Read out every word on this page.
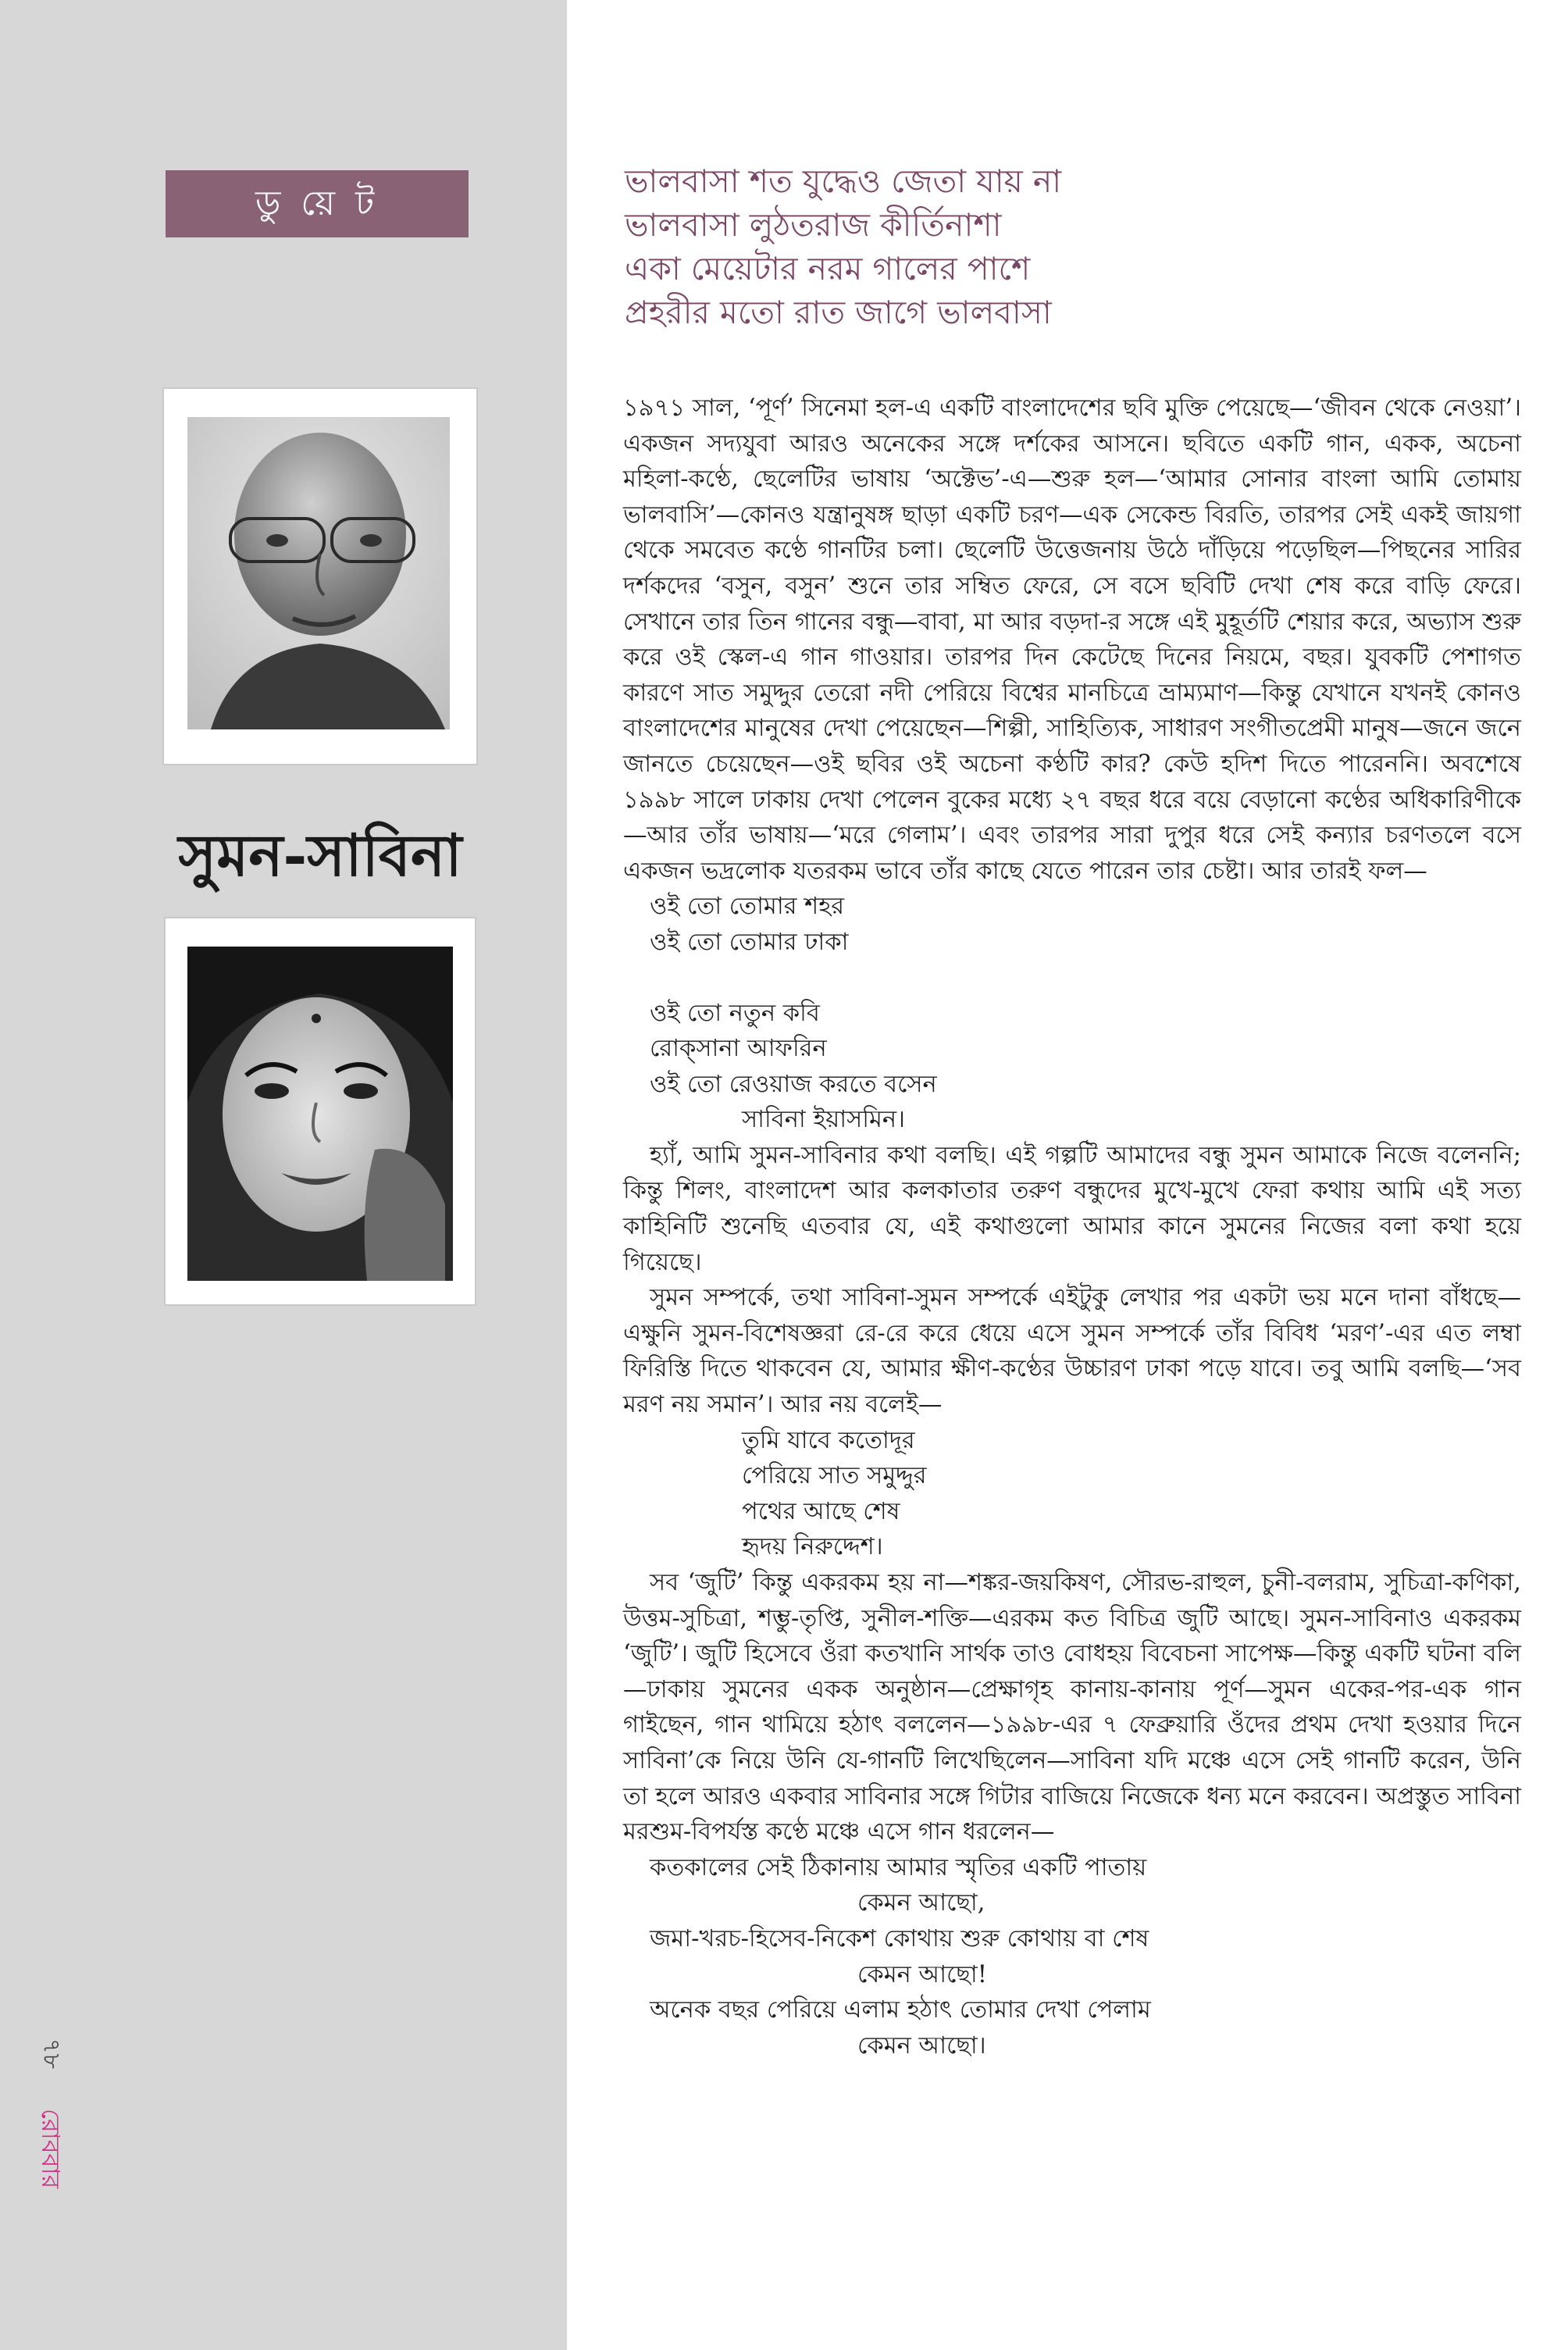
ডু য়ে ট
সুমন-সাবিনা
৭৮
রোববার
ভালবাসা শত যুদ্ধেও জেতা যায় না
ভালবাসা লুঠতরাজ কীর্তিনাশা
একা মেয়েটার নরম গালের পাশে
প্রহরীর মতো রাত জাগে ভালবাসা

১৯৭১ সাল, ‘পূর্ণ’ সিনেমা হল-এ একটি বাংলাদেশের ছবি মুক্তি পেয়েছে—‘জীবন থেকে নেওয়া’। একজন সদ্যযুবা আরও অনেকের সঙ্গে দর্শকের আসনে। ছবিতে একটি গান, একক, অচেনা মহিলা-কণ্ঠে, ছেলেটির ভাষায় ‘অক্টেভ’-এ—শুরু হল—‘আমার সোনার বাংলা আমি তোমায় ভালবাসি’—কোনও যন্ত্রানুষঙ্গ ছাড়া একটি চরণ—এক সেকেন্ড বিরতি, তারপর সেই একই জায়গা থেকে সমবেত কণ্ঠে গানটির চলা। ছেলেটি উত্তেজনায় উঠে দাঁড়িয়ে পড়েছিল—পিছনের সারির দর্শকদের ‘বসুন, বসুন’ শুনে তার সম্বিত ফেরে, সে বসে ছবিটি দেখা শেষ করে বাড়ি ফেরে। সেখানে তার তিন গানের বন্ধু—বাবা, মা আর বড়দা-র সঙ্গে এই মুহূর্তটি শেয়ার করে, অভ্যাস শুরু করে ওই স্কেল-এ গান গাওয়ার। তারপর দিন কেটেছে দিনের নিয়মে, বছর। যুবকটি পেশাগত কারণে সাত সমুদ্দুর তেরো নদী পেরিয়ে বিশ্বের মানচিত্রে ভ্রাম্যমাণ—কিন্তু যেখানে যখনই কোনও বাংলাদেশের মানুষের দেখা পেয়েছেন—শিল্পী, সাহিত্যিক, সাধারণ সংগীতপ্রেমী মানুষ—জনে জনে জানতে চেয়েছেন—ওই ছবির ওই অচেনা কণ্ঠটি কার? কেউ হদিশ দিতে পারেননি। অবশেষে ১৯৯৮ সালে ঢাকায় দেখা পেলেন বুকের মধ্যে ২৭ বছর ধরে বয়ে বেড়ানো কণ্ঠের অধিকারিণীকে—আর তাঁর ভাষায়—‘মরে গেলাম’। এবং তারপর সারা দুপুর ধরে সেই কন্যার চরণতলে বসে একজন ভদ্রলোক যতরকম ভাবে তাঁর কাছে যেতে পারেন তার চেষ্টা। আর তারই ফল—

ওই তো তোমার শহর
ওই তো তোমার ঢাকা
ওই তো নতুন কবি
রোক্‌সানা আফরিন
ওই তো রেওয়াজ করতে বসেন
সাবিনা ইয়াসমিন।

হ্যাঁ, আমি সুমন-সাবিনার কথা বলছি। এই গল্পটি আমাদের বন্ধু সুমন আমাকে নিজে বলেননি; কিন্তু শিলং, বাংলাদেশ আর কলকাতার তরুণ বন্ধুদের মুখে-মুখে ফেরা কথায় আমি এই সত্য কাহিনিটি শুনেছি এতবার যে, এই কথাগুলো আমার কানে সুমনের নিজের বলা কথা হয়ে গিয়েছে।

সুমন সম্পর্কে, তথা সাবিনা-সুমন সম্পর্কে এইটুকু লেখার পর একটা ভয় মনে দানা বাঁধছে—এক্ষুনি সুমন-বিশেষজ্ঞরা রে-রে করে ধেয়ে এসে সুমন সম্পর্কে তাঁর বিবিধ ‘মরণ’-এর এত লম্বা ফিরিস্তি দিতে থাকবেন যে, আমার ক্ষীণ-কণ্ঠের উচ্চারণ ঢাকা পড়ে যাবে। তবু আমি বলছি—‘সব মরণ নয় সমান’। আর নয় বলেই—

তুমি যাবে কতোদূর
পেরিয়ে সাত সমুদ্দুর
পথের আছে শেষ
হৃদয় নিরুদ্দেশ।

সব ‘জুটি’ কিন্তু একরকম হয় না—শঙ্কর-জয়কিষণ, সৌরভ-রাহুল, চুনী-বলরাম, সুচিত্রা-কণিকা, উত্তম-সুচিত্রা, শম্ভু-তৃপ্তি, সুনীল-শক্তি—এরকম কত বিচিত্র জুটি আছে। সুমন-সাবিনাও একরকম ‘জুটি’। জুটি হিসেবে ওঁরা কতখানি সার্থক তাও বোধহয় বিবেচনা সাপেক্ষ—কিন্তু একটি ঘটনা বলি—ঢাকায় সুমনের একক অনুষ্ঠান—প্রেক্ষাগৃহ কানায়-কানায় পূর্ণ—সুমন একের-পর-এক গান গাইছেন, গান থামিয়ে হঠাৎ বললেন—১৯৯৮-এর ৭ ফেব্রুয়ারি ওঁদের প্রথম দেখা হওয়ার দিনে সাবিনা’কে নিয়ে উনি যে-গানটি লিখেছিলেন—সাবিনা যদি মঞ্চে এসে সেই গানটি করেন, উনি তা হলে আরও একবার সাবিনার সঙ্গে গিটার বাজিয়ে নিজেকে ধন্য মনে করবেন। অপ্রস্তুত সাবিনা মরশুম-বিপর্যস্ত কণ্ঠে মঞ্চে এসে গান ধরলেন—

কতকালের সেই ঠিকানায় আমার স্মৃতির একটি পাতায়
কেমন আছো,
জমা-খরচ-হিসেব-নিকেশ কোথায় শুরু কোথায় বা শেষ
কেমন আছো!
অনেক বছর পেরিয়ে এলাম হঠাৎ তোমার দেখা পেলাম
কেমন আছো।
